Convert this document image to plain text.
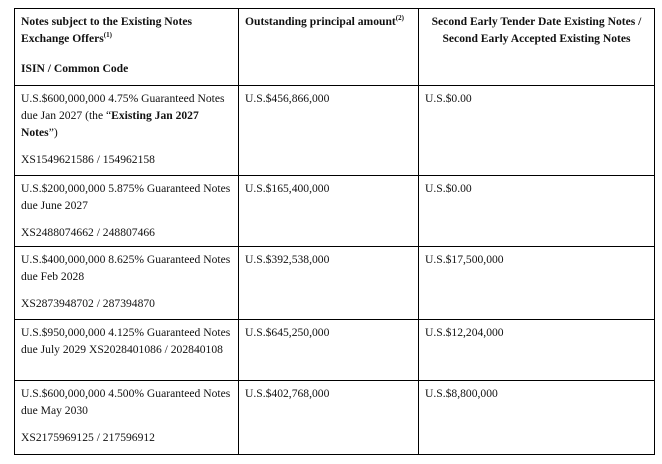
Notes subject to the Existing Notes Exchange Offers$^{(1)}$
ISIN / Common Code	Outstanding principal amount$^{(2)}$	Second Early Tender Date Existing Notes / Second Early Accepted Existing Notes
U.S.$600,000,000 4.75% Guaranteed Notes due Jan 2027 (the “Existing Jan 2027 Notes”)
XS1549621586 / 154962158	U.S.$456,866,000	U.S.$0.00
U.S.$200,000,000 5.875% Guaranteed Notes due June 2027
XS2488074662 / 248807466	U.S.$165,400,000	U.S.$0.00
U.S.$400,000,000 8.625% Guaranteed Notes due Feb 2028
XS2873948702 / 287394870	U.S.$392,538,000	U.S.$17,500,000
U.S.$950,000,000 4.125% Guaranteed Notes due July 2029 XS2028401086 / 202840108	U.S.$645,250,000	U.S.$12,204,000
U.S.$600,000,000 4.500% Guaranteed Notes due May 2030
XS2175969125 / 217596912	U.S.$402,768,000	U.S.$8,800,000
